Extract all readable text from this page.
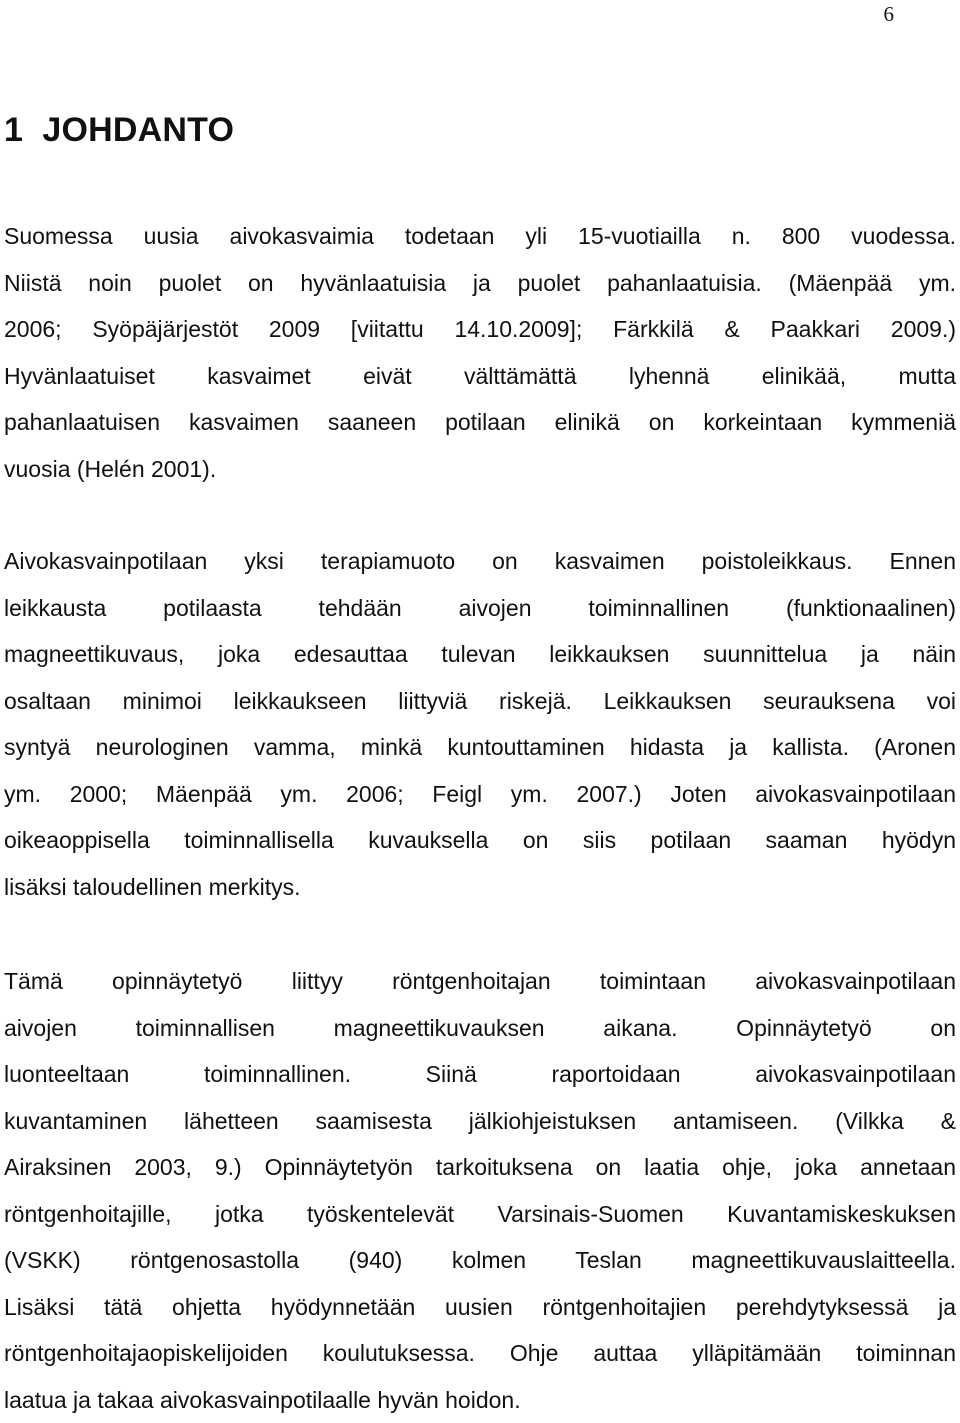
6
1 JOHDANTO

Suomessa uusia aivokasvaimia todetaan yli 15-vuotiailla n. 800 vuodessa.
Niistä noin puolet on hyvänlaatuisia ja puolet pahanlaatuisia. (Mäenpää ym.
2006; Syöpäjärjestöt 2009 [viitattu 14.10.2009]; Färkkilä & Paakkari 2009.)
Hyvänlaatuiset kasvaimet eivät välttämättä lyhennä elinikää, mutta
pahanlaatuisen kasvaimen saaneen potilaan elinikä on korkeintaan kymmeniä
vuosia (Helén 2001).

Aivokasvainpotilaan yksi terapiamuoto on kasvaimen poistoleikkaus. Ennen
leikkausta potilaasta tehdään aivojen toiminnallinen (funktionaalinen)
magneettikuvaus, joka edesauttaa tulevan leikkauksen suunnittelua ja näin
osaltaan minimoi leikkaukseen liittyviä riskejä. Leikkauksen seurauksena voi
syntyä neurologinen vamma, minkä kuntouttaminen hidasta ja kallista. (Aronen
ym. 2000; Mäenpää ym. 2006; Feigl ym. 2007.) Joten aivokasvainpotilaan
oikeaoppisella toiminnallisella kuvauksella on siis potilaan saaman hyödyn
lisäksi taloudellinen merkitys.

Tämä opinnäytetyö liittyy röntgenhoitajan toimintaan aivokasvainpotilaan
aivojen toiminnallisen magneettikuvauksen aikana. Opinnäytetyö on
luonteeltaan toiminnallinen. Siinä raportoidaan aivokasvainpotilaan
kuvantaminen lähetteen saamisesta jälkiohjeistuksen antamiseen. (Vilkka &
Airaksinen 2003, 9.) Opinnäytetyön tarkoituksena on laatia ohje, joka annetaan
röntgenhoitajille, jotka työskentelevät Varsinais-Suomen Kuvantamiskeskuksen
(VSKK) röntgenosastolla (940) kolmen Teslan magneettikuvauslaitteella.
Lisäksi tätä ohjetta hyödynnetään uusien röntgenhoitajien perehdytyksessä ja
röntgenhoitajaopiskelijoiden koulutuksessa. Ohje auttaa ylläpitämään toiminnan
laatua ja takaa aivokasvainpotilaalle hyvän hoidon.
